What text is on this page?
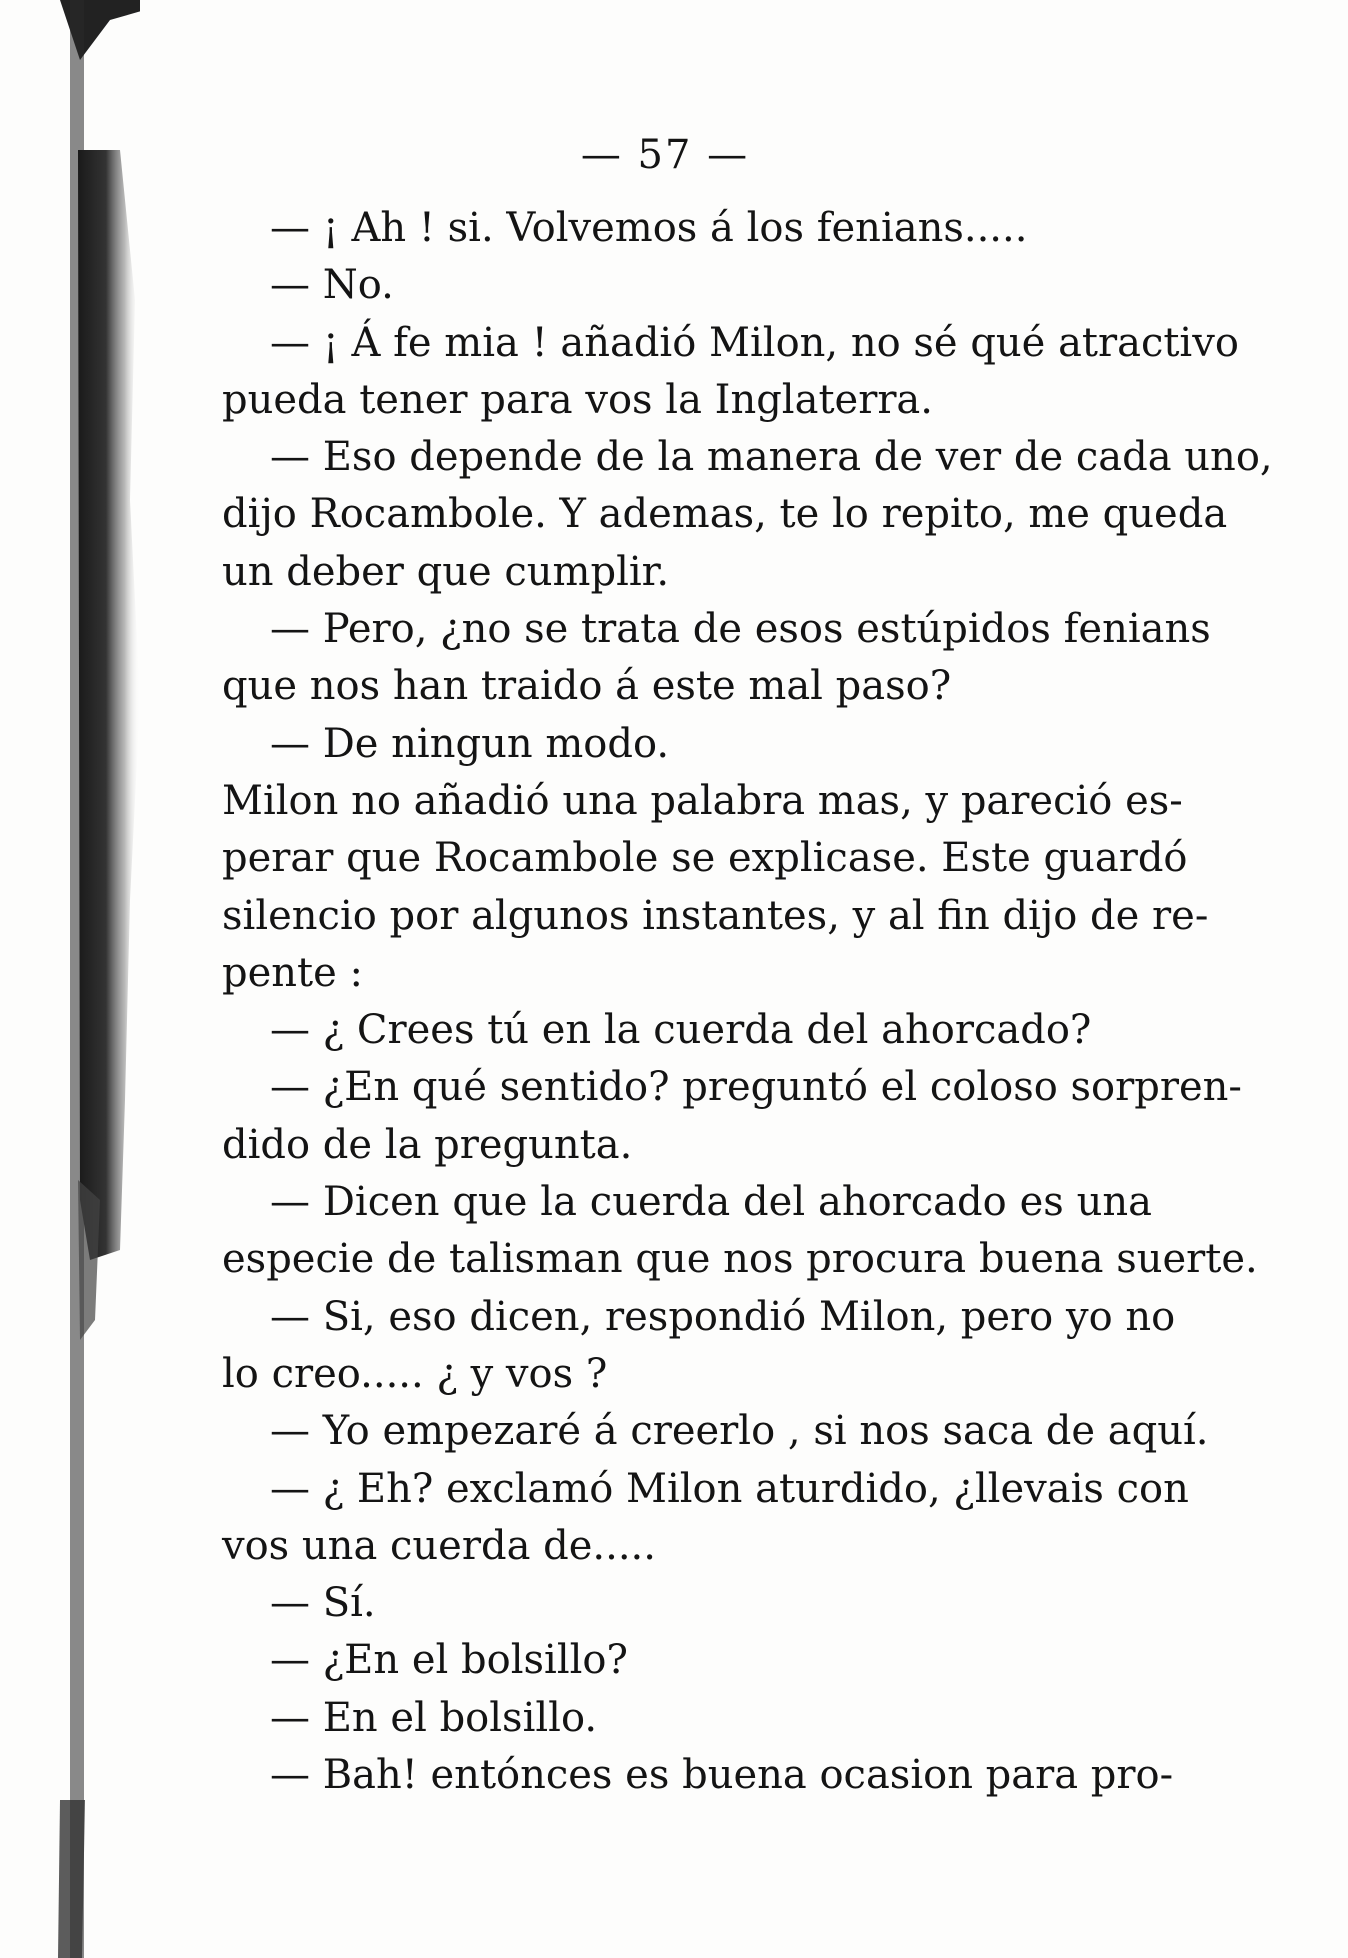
— 57 —
— ¡ Ah ! si. Volvemos á los fenians.....
— No.
— ¡ Á fe mia ! añadió Milon, no sé qué atractivo
pueda tener para vos la Inglaterra.
— Eso depende de la manera de ver de cada uno,
dijo Rocambole. Y ademas, te lo repito, me queda
un deber que cumplir.
— Pero, ¿no se trata de esos estúpidos fenians
que nos han traido á este mal paso?
— De ningun modo.
Milon no añadió una palabra mas, y pareció es-
perar que Rocambole se explicase. Este guardó
silencio por algunos instantes, y al fin dijo de re-
pente :
— ¿ Crees tú en la cuerda del ahorcado?
— ¿En qué sentido? preguntó el coloso sorpren-
dido de la pregunta.
— Dicen que la cuerda del ahorcado es una
especie de talisman que nos procura buena suerte.
— Si, eso dicen, respondió Milon, pero yo no
lo creo..... ¿ y vos ?
— Yo empezaré á creerlo , si nos saca de aquí.
— ¿ Eh? exclamó Milon aturdido, ¿llevais con
vos una cuerda de.....
— Sí.
— ¿En el bolsillo?
— En el bolsillo.
— Bah! entónces es buena ocasion para pro-
